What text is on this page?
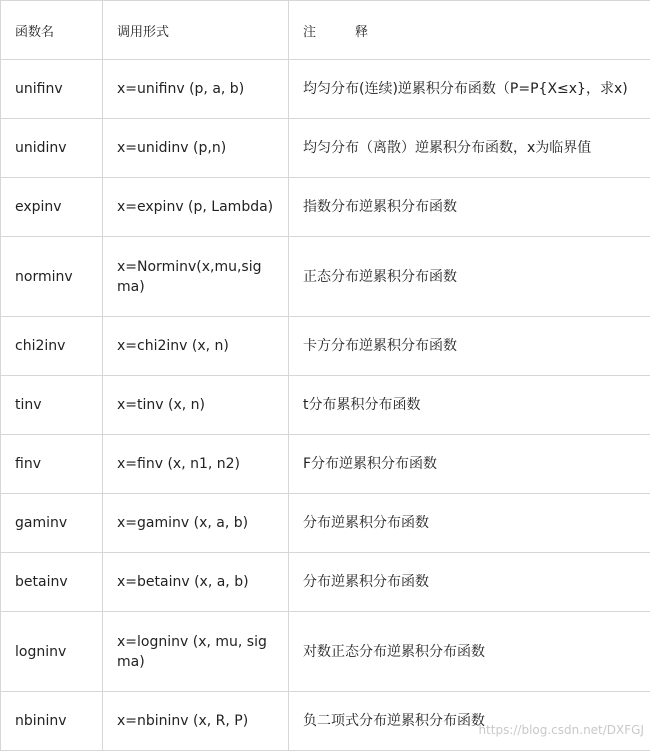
函数名	调用形式	注　　　释
unifinv	x=unifinv (p, a, b)	均匀分布(连续)逆累积分布函数（P=P{X≤x}，求x)
unidinv	x=unidinv (p,n)	均匀分布（离散）逆累积分布函数，x为临界值
expinv	x=expinv (p, Lambda)	指数分布逆累积分布函数
norminv	x=Norminv(x,mu,sigma)	正态分布逆累积分布函数
chi2inv	x=chi2inv (x, n)	卡方分布逆累积分布函数
tinv	x=tinv (x, n)	t分布累积分布函数
finv	x=finv (x, n1, n2)	F分布逆累积分布函数
gaminv	x=gaminv (x, a, b)	分布逆累积分布函数
betainv	x=betainv (x, a, b)	分布逆累积分布函数
logninv	x=logninv (x, mu, sigma)	对数正态分布逆累积分布函数
nbininv	x=nbininv (x, R, P)	负二项式分布逆累积分布函数
https://blog.csdn.net/DXFGJ
